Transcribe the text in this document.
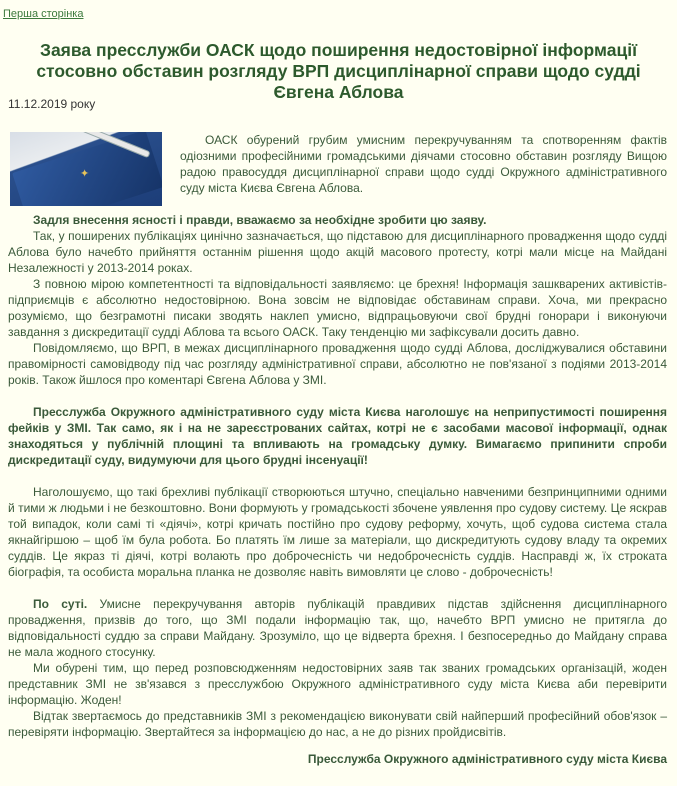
Перша сторінка
Заява пресслужби ОАСК щодо поширення недостовірної інформації стосовно обставин розгляду ВРП дисциплінарної справи щодо судді Євгена Аблова
11.12.2019 року
✦

ОАСК обурений грубим умисним перекручуванням та спотворенням фактів одіозними професійними громадськими діячами стосовно обставин розгляду Вищою радою правосуддя дисциплінарної справи щодо судді Окружного адміністративного суду міста Києва Євгена Аблова.

Задля внесення ясності і правди, вважаємо за необхідне зробити цю заяву.

Так, у поширених публікаціях цинічно зазначається, що підставою для дисциплінарного провадження щодо судді Аблова було начебто прийняття останнім рішення щодо акцій масового протесту, котрі мали місце на Майдані Незалежності у 2013-2014 роках.

З повною мірою компетентності та відповідальності заявляємо: це брехня! Інформація зашкварених активістів-підприємців є абсолютно недостовірною. Вона зовсім не відповідає обставинам справи. Хоча, ми прекрасно розуміємо, що безграмотні писаки зводять наклеп умисно, відпрацьовуючи свої брудні гонорари і виконуючи завдання з дискредитації судді Аблова та всього ОАСК. Таку тенденцію ми зафіксували досить давно.

Повідомляємо, що ВРП, в межах дисциплінарного провадження щодо судді Аблова, досліджувалися обставини правомірності самовідводу під час розгляду адміністративної справи, абсолютно не пов'язаної з подіями 2013-2014 років. Також йшлося про коментарі Євгена Аблова у ЗМІ.

Пресслужба Окружного адміністративного суду міста Києва наголошує на неприпустимості поширення фейків у ЗМІ. Так само, як і на не зареєстрованих сайтах, котрі не є засобами масової інформації, однак знаходяться у публічній площині та впливають на громадську думку. Вимагаємо припинити спроби дискредитації суду, видумуючи для цього брудні інсенуації!

Наголошуємо, що такі брехливі публікації створюються штучно, спеціально навченими безпринципними одними й тими ж людьми і не безкоштовно. Вони формують у громадськості збочене уявлення про судову систему. Це яскрав той випадок, коли самі ті «діячі», котрі кричать постійно про судову реформу, хочуть, щоб судова система стала якнайгіршою – щоб їм була робота. Бо платять їм лише за матеріали, що дискредитують судову владу та окремих суддів. Це якраз ті діячі, котрі волають про доброчесність чи недоброчесність суддів. Насправді ж, їх строката біографія, та особиста моральна планка не дозволяє навіть вимовляти це слово - доброчесність!

По суті. Умисне перекручування авторів публікацій правдивих підстав здійснення дисциплінарного провадження, призвів до того, що ЗМІ подали інформацію так, що, начебто ВРП умисно не притягла до відповідальності суддю за справи Майдану. Зрозуміло, що це відверта брехня. І безпосередньо до Майдану справа не мала жодного стосунку.

Ми обурені тим, що перед розповсюдженням недостовірних заяв так званих громадських організацій, жоден представник ЗМІ не зв'язався з пресслужбою Окружного адміністративного суду міста Києва аби перевірити інформацію. Жоден!

Відтак звертаємось до представників ЗМІ з рекомендацією виконувати свій найперший професійний обов'язок – перевіряти інформацію. Звертайтеся за інформацією до нас, а не до різних пройдисвітів.

Пресслужба Окружного адміністративного суду міста Києва
